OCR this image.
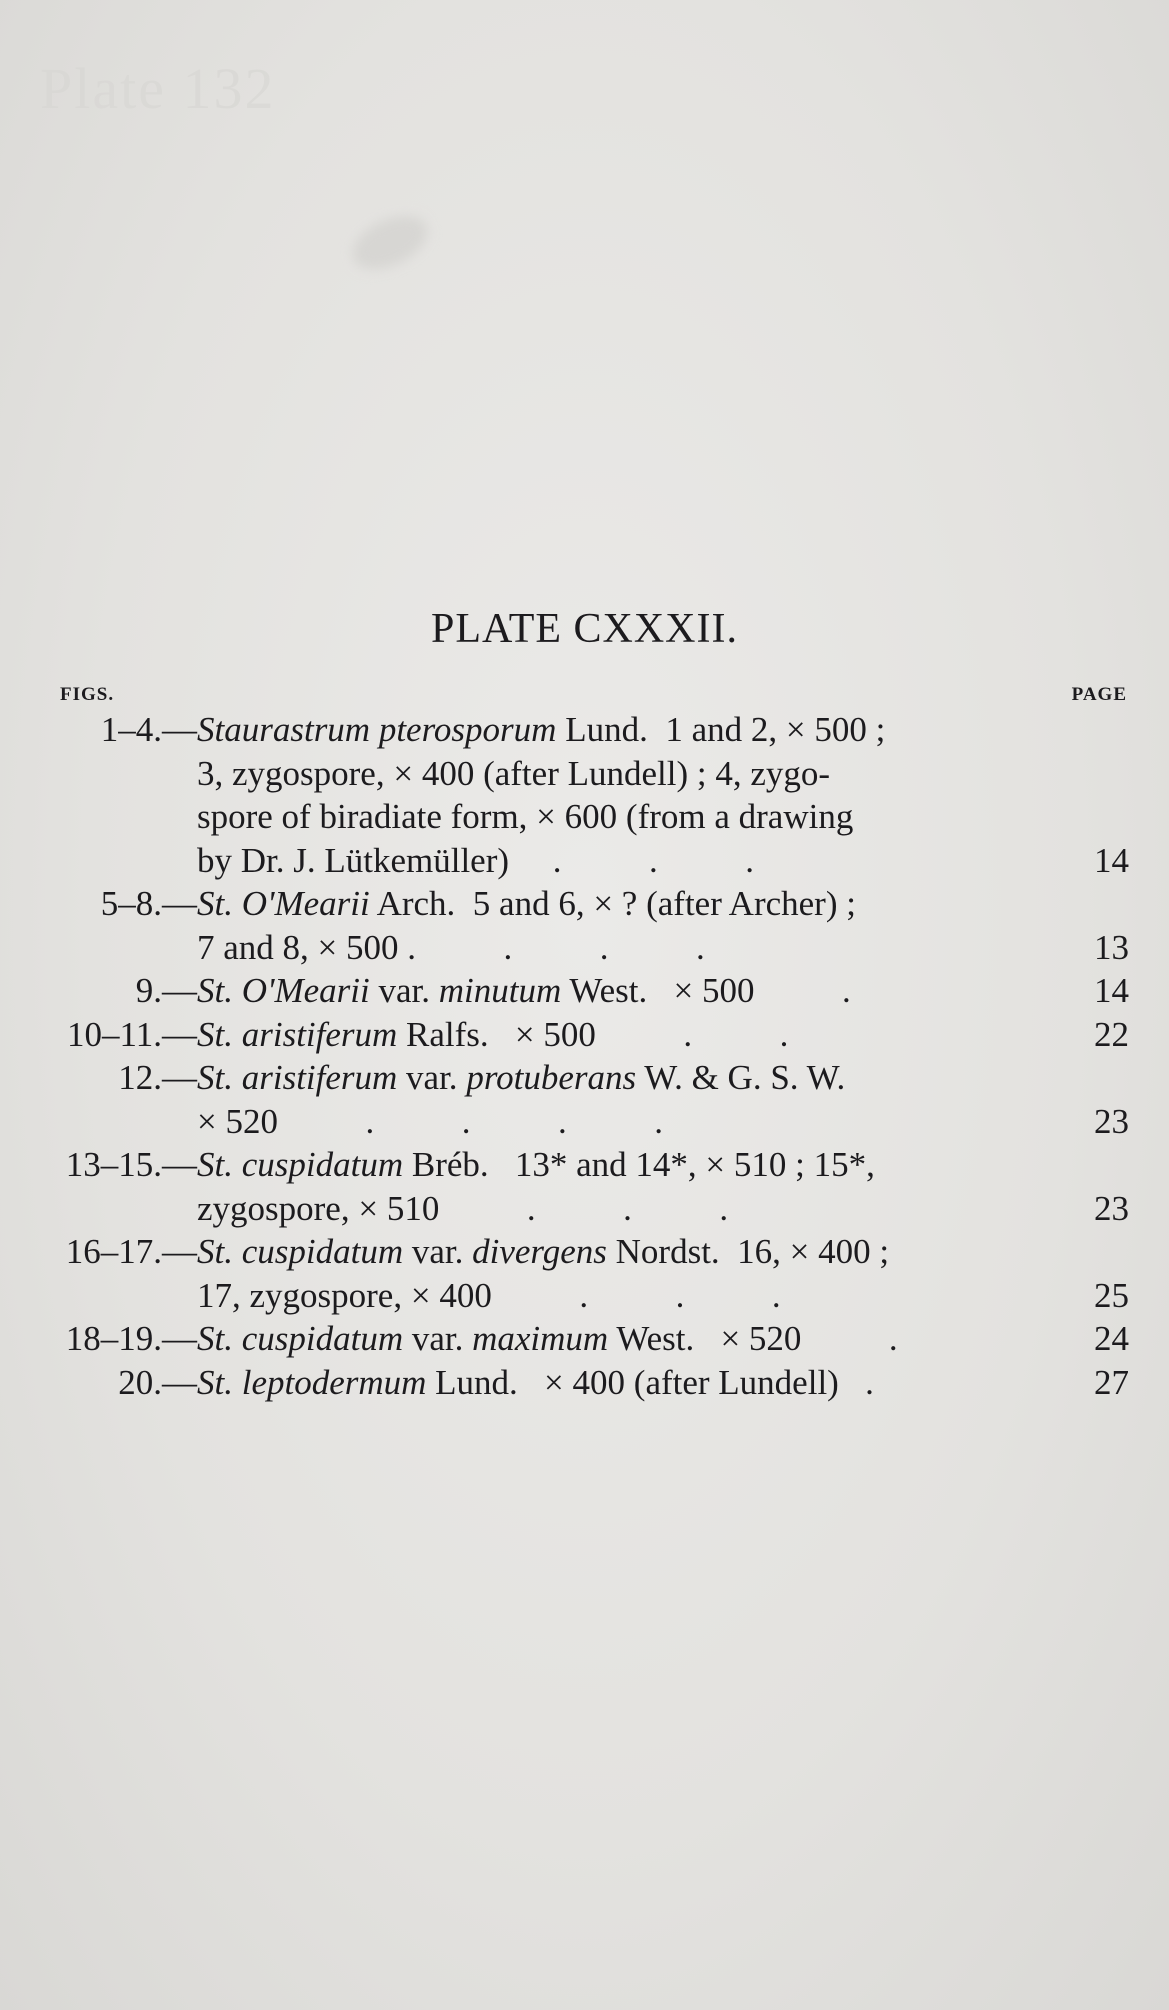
Plate 132
PLATE CXXXII.
FIGS.	PAGE
1–4.— Staurastrum pterosporum Lund.  1 and 2, × 500 ;
3, zygospore, × 400 (after Lundell) ; 4, zygo-
spore of biradiate form, × 600 (from a drawing
by Dr. J. Lütkemüller)     .          .          .	14
5–8.— St. O'Mearii Arch.  5 and 6, × ? (after Archer) ;
7 and 8, × 500 .          .          .          .	13
9.— St. O'Mearii var. minutum West.   × 500          .	14
10–11.— St. aristiferum Ralfs.   × 500          .          .	22
12.— St. aristiferum var. protuberans W. & G. S. W.
× 520          .          .          .          .	23
13–15.— St. cuspidatum Bréb.   13* and 14*, × 510 ; 15*,
zygospore, × 510          .          .          .	23
16–17.— St. cuspidatum var. divergens Nordst.  16, × 400 ;
17, zygospore, × 400          .          .          .	25
18–19.— St. cuspidatum var. maximum West.   × 520          .	24
20.— St. leptodermum Lund.   × 400 (after Lundell)   .	27
